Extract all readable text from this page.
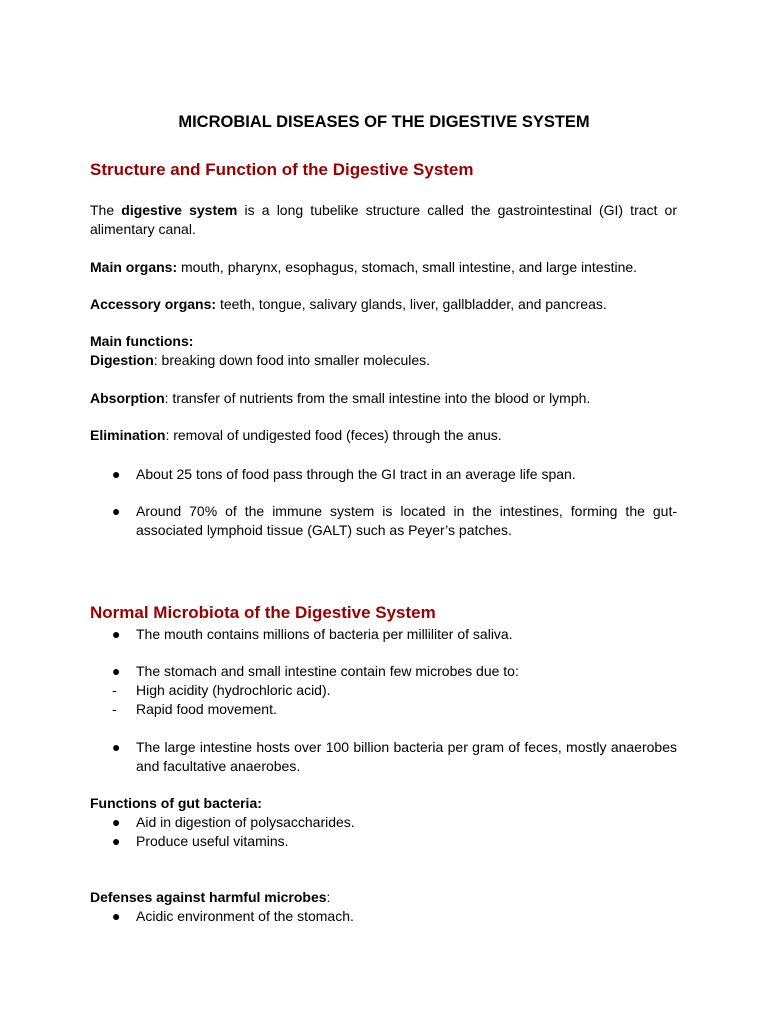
MICROBIAL DISEASES OF THE DIGESTIVE SYSTEM
Structure and Function of the Digestive System

The digestive system is a long tubelike structure called the gastrointestinal (GI) tract or alimentary canal.

Main organs: mouth, pharynx, esophagus, stomach, small intestine, and large intestine.

Accessory organs: teeth, tongue, salivary glands, liver, gallbladder, and pancreas.

Main functions:

Digestion: breaking down food into smaller molecules.

Absorption: transfer of nutrients from the small intestine into the blood or lymph.

Elimination: removal of undigested food (feces) through the anus.

●	About 25 tons of food pass through the GI tract in an average life span.
●	Around 70% of the immune system is located in the intestines, forming the gut-associated lymphoid tissue (GALT) such as Peyer’s patches.
Normal Microbiota of the Digestive System
●	The mouth contains millions of bacteria per milliliter of saliva.
●	The stomach and small intestine contain few microbes due to:
- High acidity (hydrochloric acid).
- Rapid food movement.
●	The large intestine hosts over 100 billion bacteria per gram of feces, mostly anaerobes and facultative anaerobes.

Functions of gut bacteria:

●	Aid in digestion of polysaccharides.
●	Produce useful vitamins.

Defenses against harmful microbes:

●	Acidic environment of the stomach.
